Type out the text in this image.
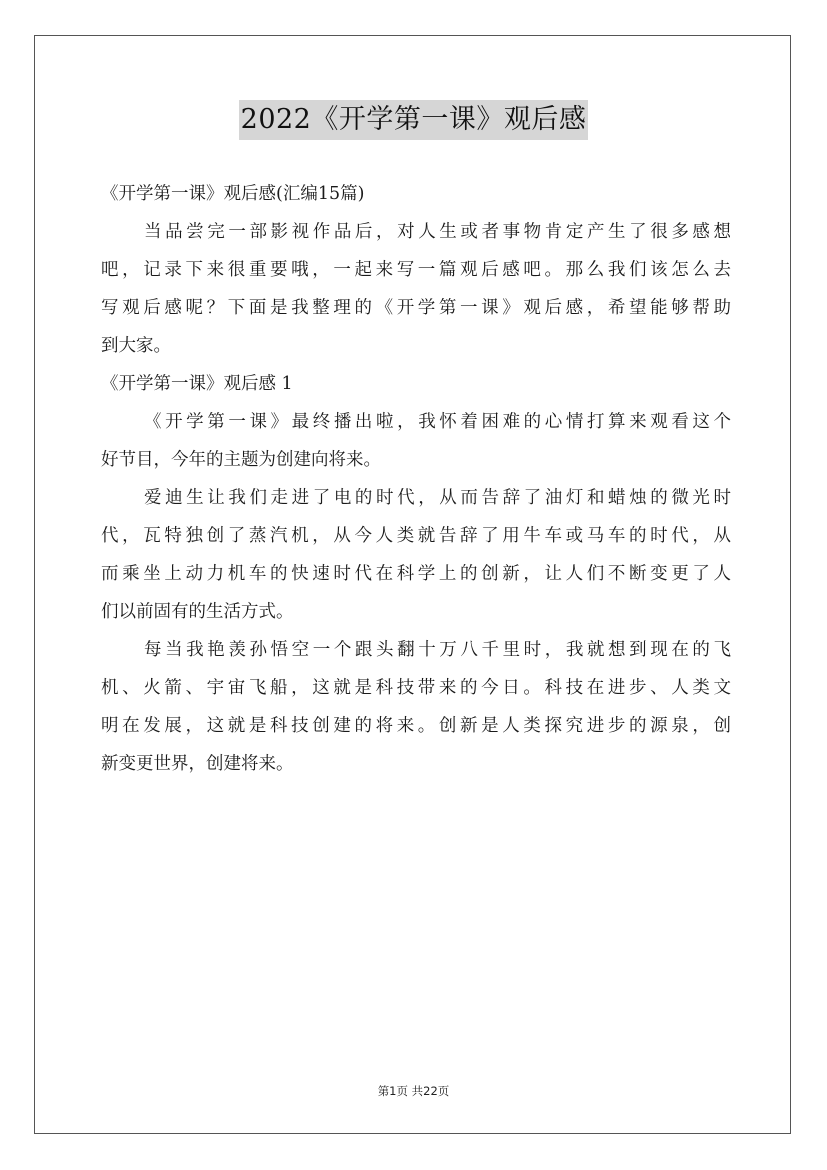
2022《开学第一课》观后感
《开学第一课》观后感(汇编15篇)
当品尝完一部影视作品后，对人生或者事物肯定产生了很多感想
吧，记录下来很重要哦，一起来写一篇观后感吧。那么我们该怎么去
写观后感呢？下面是我整理的《开学第一课》观后感，希望能够帮助
到大家。
《开学第一课》观后感 1
《开学第一课》最终播出啦，我怀着困难的心情打算来观看这个
好节目，今年的主题为创建向将来。
爱迪生让我们走进了电的时代，从而告辞了油灯和蜡烛的微光时
代，瓦特独创了蒸汽机，从今人类就告辞了用牛车或马车的时代，从
而乘坐上动力机车的快速时代在科学上的创新，让人们不断变更了人
们以前固有的生活方式。
每当我艳羡孙悟空一个跟头翻十万八千里时，我就想到现在的飞
机、火箭、宇宙飞船，这就是科技带来的今日。科技在进步、人类文
明在发展，这就是科技创建的将来。创新是人类探究进步的源泉，创
新变更世界，创建将来。
第1页 共22页
